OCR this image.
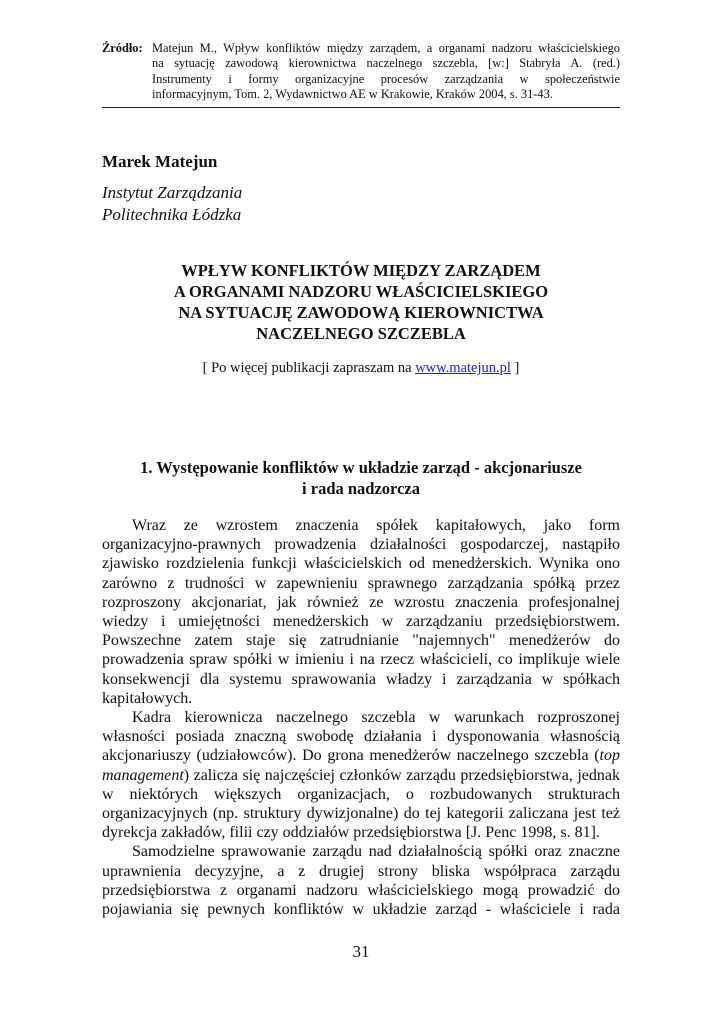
Źródło: Matejun M., Wpływ konfliktów między zarządem, a organami nadzoru właścicielskiego
na sytuację zawodową kierownictwa naczelnego szczebla, [w:] Stabryła A. (red.)
Instrumenty i formy organizacyjne procesów zarządzania w społeczeństwie
informacyjnym, Tom. 2, Wydawnictwo AE w Krakowie, Kraków 2004, s. 31-43.
Marek Matejun
Instytut Zarządzania
Politechnika Łódzka
WPŁYW KONFLIKTÓW MIĘDZY ZARZĄDEM
A ORGANAMI NADZORU WŁAŚCICIELSKIEGO
NA SYTUACJĘ ZAWODOWĄ KIEROWNICTWA
NACZELNEGO SZCZEBLA
[ Po więcej publikacji zapraszam na www.matejun.pl ]
1. Występowanie konfliktów w układzie zarząd - akcjonariusze
i rada nadzorcza
Wraz ze wzrostem znaczenia spółek kapitałowych, jako form
organizacyjno-prawnych prowadzenia działalności gospodarczej, nastąpiło
zjawisko rozdzielenia funkcji właścicielskich od menedżerskich. Wynika ono
zarówno z trudności w zapewnieniu sprawnego zarządzania spółką przez
rozproszony akcjonariat, jak również ze wzrostu znaczenia profesjonalnej
wiedzy i umiejętności menedżerskich w zarządzaniu przedsiębiorstwem.
Powszechne zatem staje się zatrudnianie "najemnych" menedżerów do
prowadzenia spraw spółki w imieniu i na rzecz właścicieli, co implikuje wiele
konsekwencji dla systemu sprawowania władzy i zarządzania w spółkach
kapitałowych.
Kadra kierownicza naczelnego szczebla w warunkach rozproszonej
własności posiada znaczną swobodę działania i dysponowania własnością
akcjonariuszy (udziałowców). Do grona menedżerów naczelnego szczebla (top
management) zalicza się najczęściej członków zarządu przedsiębiorstwa, jednak
w niektórych większych organizacjach, o rozbudowanych strukturach
organizacyjnych (np. struktury dywizjonalne) do tej kategorii zaliczana jest też
dyrekcja zakładów, filii czy oddziałów przedsiębiorstwa [J. Penc 1998, s. 81].
Samodzielne sprawowanie zarządu nad działalnością spółki oraz znaczne
uprawnienia decyzyjne, a z drugiej strony bliska współpraca zarządu
przedsiębiorstwa z organami nadzoru właścicielskiego mogą prowadzić do
pojawiania się pewnych konfliktów w układzie zarząd - właściciele i rada
31
